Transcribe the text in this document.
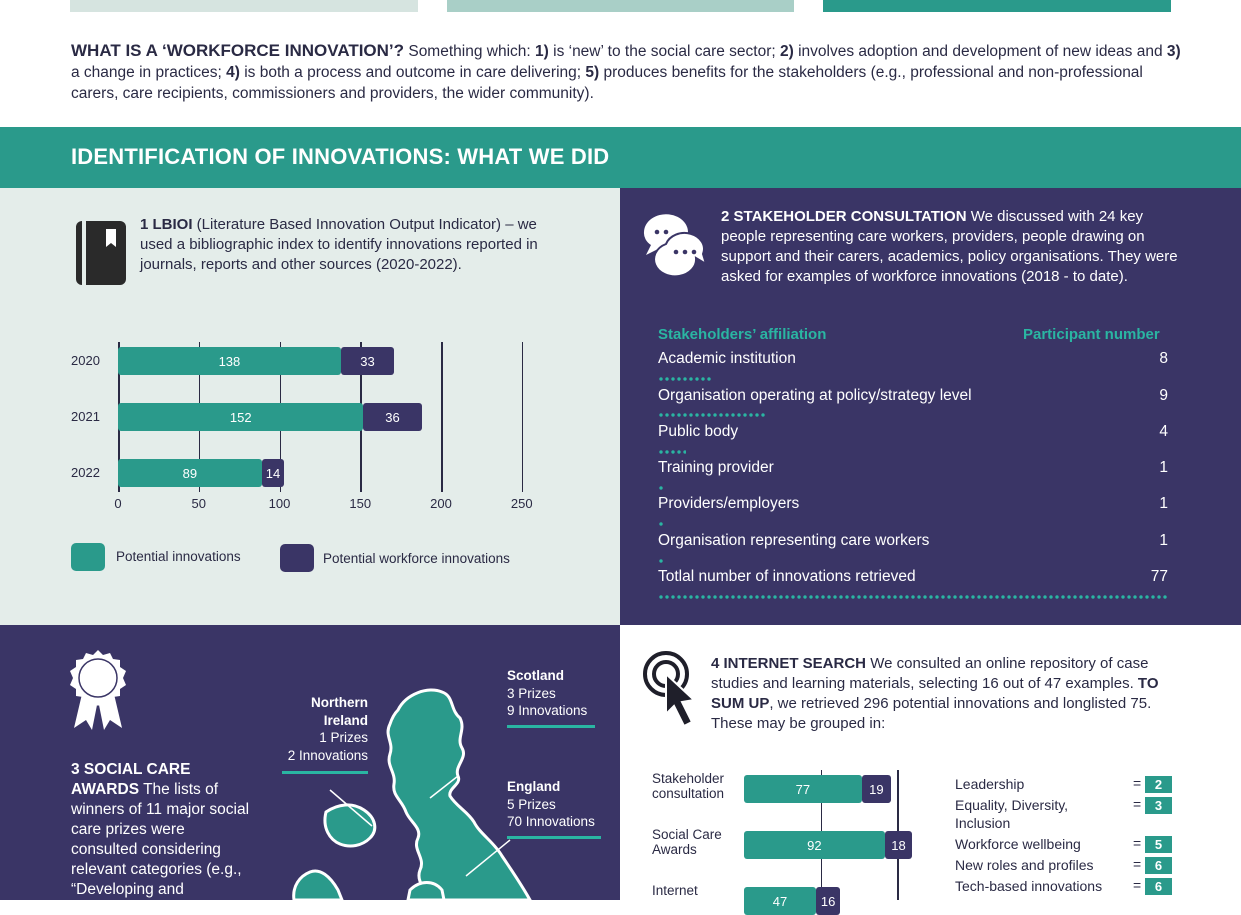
WHAT IS A ‘WORKFORCE INNOVATION’? Something which: 1) is ‘new’ to the social care sector; 2) involves adoption and development of new ideas and 3) a change in practices; 4) is both a process and outcome in care delivering; 5) produces benefits for the stakeholders (e.g., professional and non-professional carers, care recipients, commissioners and providers, the wider community).
IDENTIFICATION OF INNOVATIONS: WHAT WE DID
1 LBIOI (Literature Based Innovation Output Indicator) – we used a bibliographic index to identify innovations reported in journals, reports and other sources (2020-2022).
138	33
152	36
89	14
2020
2021
2022
0	50	100	150	200	250
Potential innovations	Potential workforce innovations
2 STAKEHOLDER CONSULTATION We discussed with 24 key people representing care workers, providers, people drawing on support and their carers, academics, policy organisations. They were asked for examples of workforce innovations (2018 - to date).
Stakeholders’ affiliation	Participant number
Academic institution	8
Organisation operating at policy/strategy level	9
Public body	4
Training provider	1
Providers/employers	1
Organisation representing care workers	1
Totlal number of innovations retrieved	77
3 SOCIAL CARE AWARDS The lists of winners of 11 major social care prizes were consulted considering relevant categories (e.g., “Developing and
Scotland
3 Prizes
9 Innovations
Northern Ireland
1 Prizes
2 Innovations
England
5 Prizes
70 Innovations
4 INTERNET SEARCH We consulted an online repository of case studies and learning materials, selecting 16 out of 47 examples. TO SUM UP, we retrieved 296 potential innovations and longlisted 75. These may be grouped in:
77	19
92	18
47	16
Stakeholder consultation
Social Care Awards
Internet
Leadership	=	2
Equality, Diversity, Inclusion
=	3
Workforce wellbeing	=	5
New roles and profiles	=	6
Tech-based innovations =	6
